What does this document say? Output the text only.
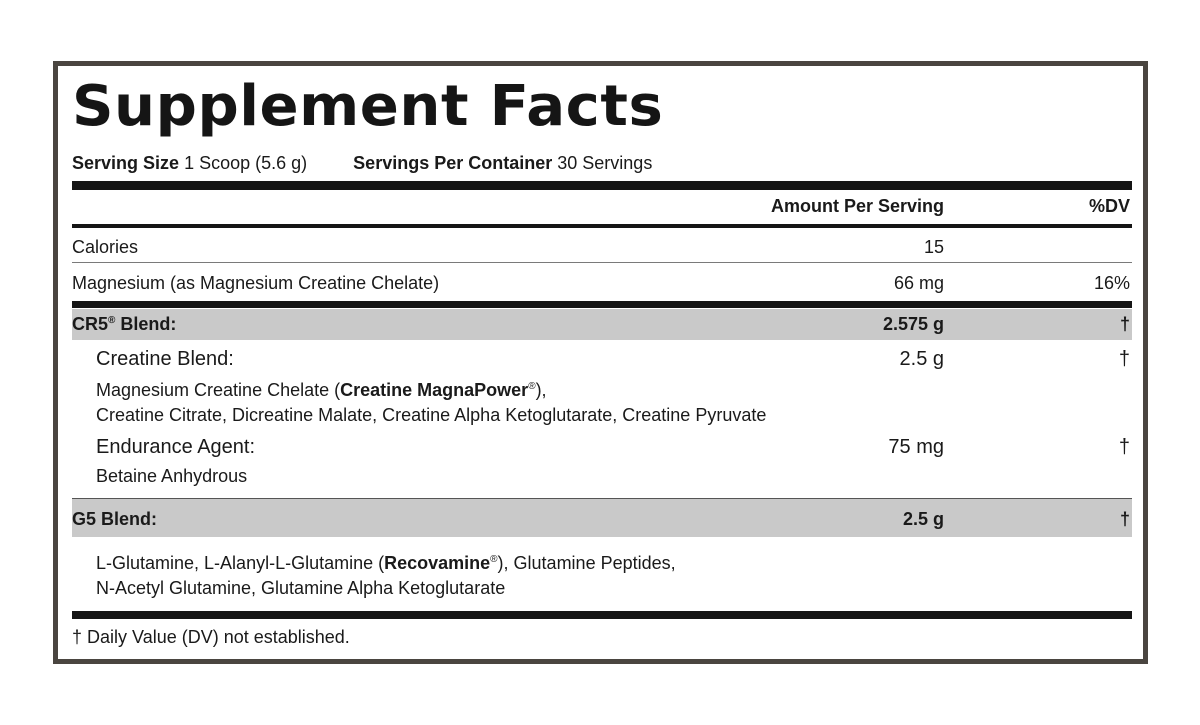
Supplement Facts
Serving Size 1 Scoop (5.6 g)	Servings Per Container 30 Servings
Amount Per Serving	%DV
Calories	15
Magnesium (as Magnesium Creatine Chelate)	66 mg	16%
CR5® Blend:	2.575 g	†
Creatine Blend:	2.5 g	†
Magnesium Creatine Chelate (Creatine MagnaPower®),
Creatine Citrate, Dicreatine Malate, Creatine Alpha Ketoglutarate, Creatine Pyruvate
Endurance Agent:	75 mg	†
Betaine Anhydrous
G5 Blend:	2.5 g	†
L-Glutamine, L-Alanyl-L-Glutamine (Recovamine®), Glutamine Peptides,
N-Acetyl Glutamine, Glutamine Alpha Ketoglutarate
† Daily Value (DV) not established.
